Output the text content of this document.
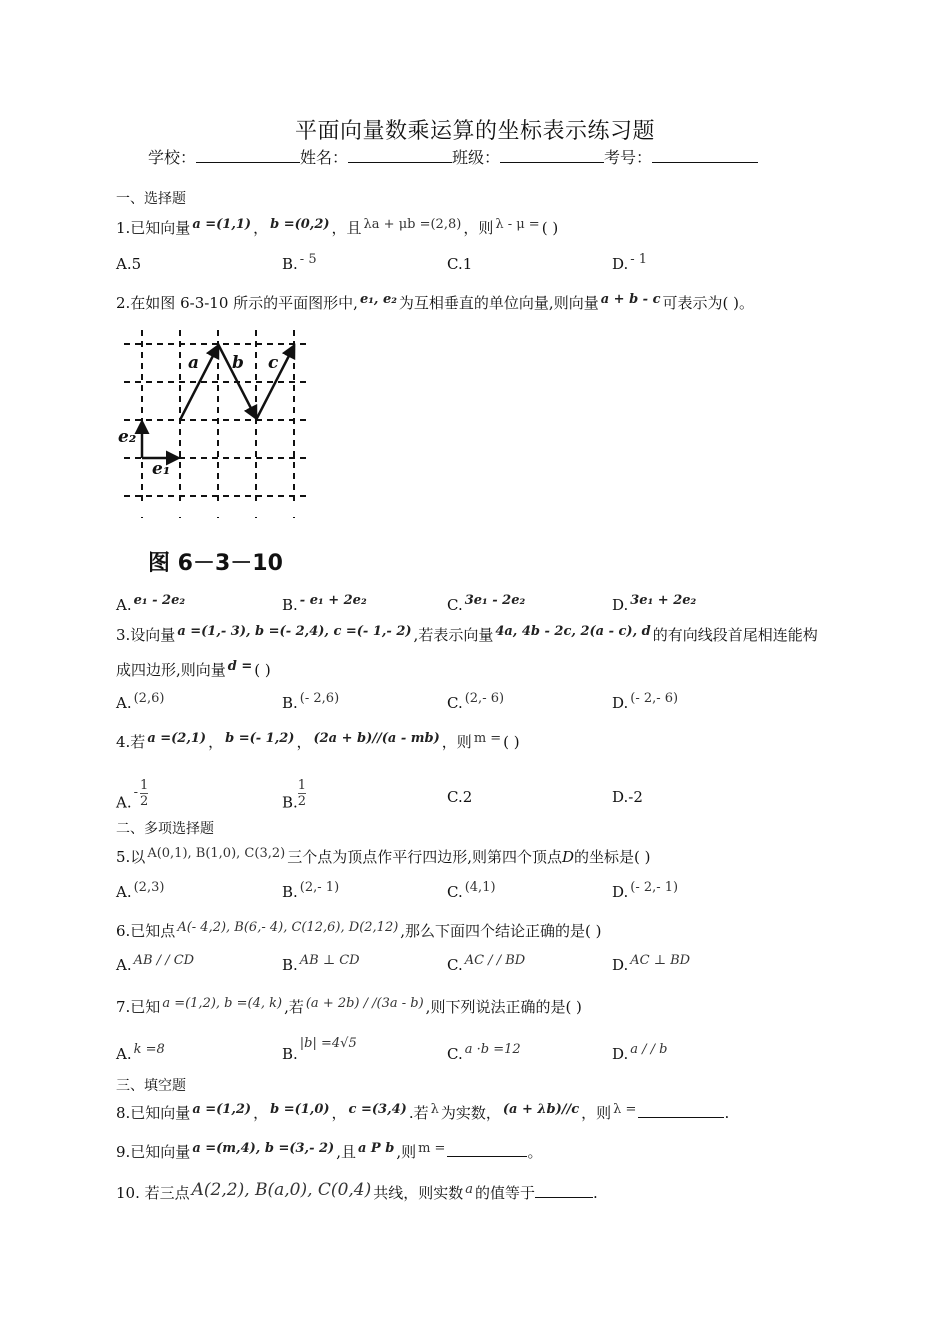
平面向量数乘运算的坐标表示练习题
学校：	姓名：	班级：	考号：
一、选择题
1.已知向量 a =(1,1) ， b =(0,2) ，且 λa + μb =(2,8) ，则 λ - μ = ( )
A.5	B. - 5	C.1	D. - 1
2.在如图 6-3-10 所示的平面图形中, e₁, e₂ 为互相垂直的单位向量,则向量 a + b - c 可表示为( )。
a b c
e₂
e₁
图 6－3－10
A. e₁ - 2e₂	B. - e₁ + 2e₂	C. 3e₁ - 2e₂	D. 3e₁ + 2e₂
3.设向量 a =(1,- 3), b =(- 2,4), c =(- 1,- 2) ,若表示向量 4a, 4b - 2c, 2(a - c), d 的有向线段首尾相连能构
成四边形,则向量 d = ( )
A. (2,6)	B. (- 2,6)	C. (2,- 6)	D. (- 2,- 6)
4.若 a =(2,1) ， b =(- 1,2) ， (2a + b)//(a - mb) ，则 m = ( )
$A.- \frac{1}{2}$	B. $\frac{1}{2}$	C.2	D.-2
二、多项选择题
5.以 A(0,1), B(1,0), C(3,2) 三个点为顶点作平行四边形,则第四个顶点D的坐标是( )
A. (2,3)	B. (2,- 1)	C. (4,1)	D. (- 2,- 1)
6.已知点 A(- 4,2), B(6,- 4), C(12,6), D(2,12) ,那么下面四个结论正确的是( )
A. AB / / CD	B. AB ⊥ CD	C. AC / / BD	D. AC ⊥ BD
7.已知 a =(1,2), b =(4, k) ,若 (a + 2b) / /(3a - b) ,则下列说法正确的是( )
A. k =8	B.|b| =4√5
C. a ·b =12	D. a / / b
三、填空题
8.已知向量 a =(1,2) ， b =(1,0) ， c =(3,4) .若 λ 为实数， (a + λb)//c ，则 λ =	.
9.已知向量 a =(m,4), b =(3,- 2) ,且 a P b ,则 m =	。
10. 若三点 A(2,2), B(a,0), C(0,4) 共线，则实数 a 的值等于	.
